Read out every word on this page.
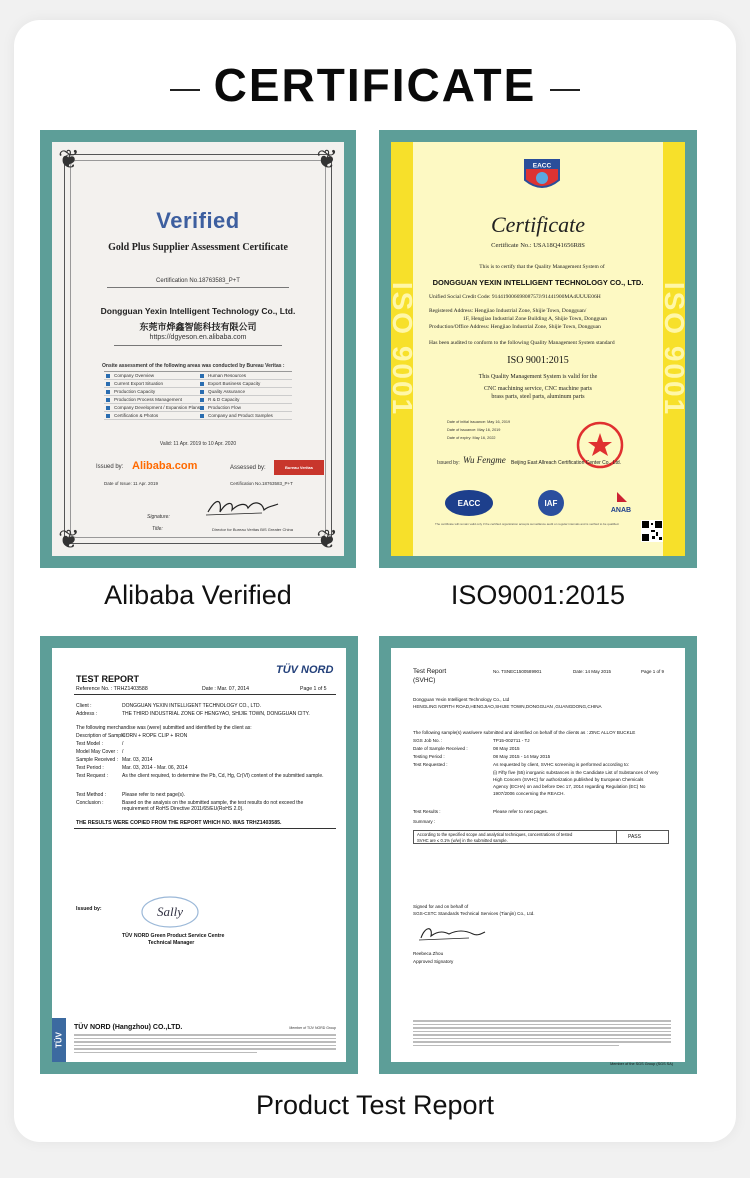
CERTIFICATE
❦	❦
❦	❦
Verified
Gold Plus Supplier Assessment Certificate
Certification No.18763583_P+T
Dongguan Yexin Intelligent Technology Co., Ltd.
东莞市烨鑫智能科技有限公司
https://dgyeson.en.alibaba.com
Onsite assessment of the following areas was conducted by Bureau Veritas :
Company Overview	Human Resources
Current Export Situation	Export Business Capacity
Production Capacity	Quality Assurance
Production Process Management	R & D Capacity
Company Development / Expansion Plans	Production Flow
Certification & Photos	Company and Product Samples
Valid: 11 Apr. 2019 to 10 Apr. 2020
Issued by: Alibaba.com	Assessed by:	Bureau Veritas
Date of Issue: 11 Apr. 2019	Certification No.18763583_P+T
Signature:
Title:	Director for Bureau Veritas BIS Greater China
Alibaba Verified
ISO 9001	ISO 9001
EACC
Certificate
Certificate No.: USA18Q41656R8S
This is to certify that the Quality Management System of
DONGGUAN YEXIN INTELLIGENT TECHNOLOGY CO., LTD.
Unified Social Credit Code: 91441900669808757J/91441900MA4UUUE06H
Registered Address: Hengjiao Industrial Zone, Shijie Town, Dongguan/
1F, Hengjiao Industrial Zone Building A, Shijie Town, Dongguan
Production/Office Address: Hengjiao Industrial Zone, Shijie Town, Dongguan
Has been audited to conform to the following Quality Management System standard
ISO 9001:2015
This Quality Management System is valid for the
CNC machining service, CNC machine parts
brass parts, steel parts, aluminum parts
Date of initial issuance: May 16, 2019
Date of issuance: May 16, 2019
Date of expiry: May 16, 2022
Issued by: Wu Fengme Beijing East Allreach Certification Center Co., Ltd.
EACC	IAF
ANAB
The certificate will remain valid only if the certified organization accepts surveillance audit on regular intervals and is verified to be qualified.
ISO9001:2015
TÜV NORD
TEST REPORT
Reference No. : TRHZ1403588	Date : Mar. 07, 2014	Page 1 of 5
Client :	DONGGUAN YEXIN INTELLIGENT TECHNOLOGY CO., LTD.
Address :	THE THIRD INDUSTRIAL ZONE OF HENGYAO, SHIJIE TOWN, DONGGUAN CITY.
The following merchandise was (were) submitted and identified by the client as:
Description of Sample :CORN + ROPE CLIP + IRON
Test Model :	/
Model May Cover : /
Sample Received : Mar. 03, 2014
Test Period :	Mar. 03, 2014 - Mar. 06, 2014
Test Request :	As the client required, to determine the Pb, Cd, Hg, Cr(VI) content of the submitted sample.
Test Method :	Please refer to next page(s).
Conclusion :	Based on the analysis on the submitted sample, the test results do not exceed the requirement of RoHS Directive 2011/65/EU(RoHS 2.0).
THE RESULTS WERE COPIED FROM THE REPORT WHICH NO. WAS TRHZ1403585.
Issued by:	Sally
TÜV NORD Green Product Service Centre
Technical Manager
TÜV
TÜV NORD (Hangzhou) CO.,LTD.	Member of TÜV NORD Group
Test Report
(SVHC)
No. TSNEC1500589901	Date: 14 May 2015	Page 1 of 9
Dongguan Yexin Intelligent Technology Co., Ltd
HENGLING NORTH ROAD,HENGJIAO,SHIJIE TOWN,DONGGUAN ,GUANGDONG,CHINA
The following sample(s) was/were submitted and identified on behalf of the clients as : ZINC ALLOY BUCKLE
SGS Job No. :	TP15-002711 - TJ
Date of Sample Received :	08 May 2015
Testing Period :	08 May 2015 - 14 May 2015
Test Requested :	As requested by client, SVHC screening is performed according to:
(i) Fifty five (55) inorganic substances in the Candidate List of Substances of Very
High Concern (SVHC) for authorization published by European Chemicals
Agency (ECHA) on and before Dec 17, 2014 regarding Regulation (EC) No
1907/2006 concerning the REACH.
Test Results :	Please refer to next pages.
Summary :
According to the specified scope and analytical techniques, concentrations of tested
SVHC are ≤ 0.1% (w/w) in the submitted sample.
PASS
Signed for and on behalf of
SGS-CSTC Standards Technical Services (Tianjin) Co., Ltd.
Reebeca Zhou
Approved Signatory
Member of the SGS Group (SGS SA)
Product Test Report
